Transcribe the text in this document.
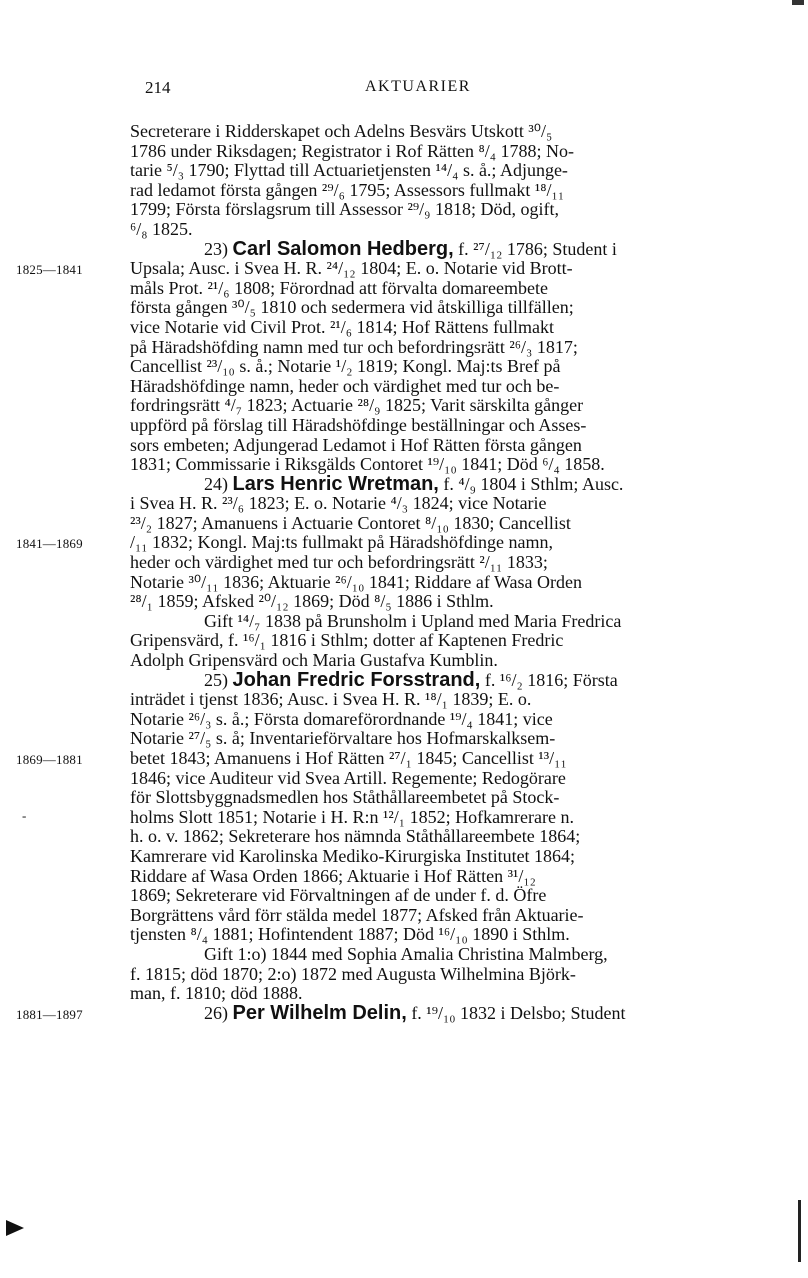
214	AKTUARIER
1825—1841
1841—1869
1869—1881
1881—1897
-
Secreterare i Ridderskapet och Adelns Besvärs Utskott ³⁰/₅
1786 under Riksdagen; Registrator i Rof Rätten ⁸/₄ 1788; No-
tarie ⁵/₃ 1790; Flyttad till Actuarietjensten ¹⁴/₄ s. å.; Adjunge-
rad ledamot första gången ²⁹/₆ 1795; Assessors fullmakt ¹⁸/₁₁
1799; Första förslagsrum till Assessor ²⁹/₉ 1818; Död, ogift,
⁶/₈ 1825.
23) Carl Salomon Hedberg, f. ²⁷/₁₂ 1786; Student i
Upsala; Ausc. i Svea H. R. ²⁴/₁₂ 1804; E. o. Notarie vid Brott-
måls Prot. ²¹/₆ 1808; Förordnad att förvalta domareembete
första gången ³⁰/₅ 1810 och sedermera vid åtskilliga tillfällen;
vice Notarie vid Civil Prot. ²¹/₆ 1814; Hof Rättens fullmakt
på Häradshöfding namn med tur och befordringsrätt ²⁶/₃ 1817;
Cancellist ²³/₁₀ s. å.; Notarie ¹/₂ 1819; Kongl. Maj:ts Bref på
Häradshöfdinge namn, heder och värdighet med tur och be-
fordringsrätt ⁴/₇ 1823; Actuarie ²⁸/₉ 1825; Varit särskilta gånger
uppförd på förslag till Häradshöfdinge beställningar och Asses-
sors embeten; Adjungerad Ledamot i Hof Rätten första gången
1831; Commissarie i Riksgälds Contoret ¹⁹/₁₀ 1841; Död ⁶/₄ 1858.
24) Lars Henric Wretman, f. ⁴/₉ 1804 i Sthlm; Ausc.
i Svea H. R. ²³/₆ 1823; E. o. Notarie ⁴/₃ 1824; vice Notarie
²³/₂ 1827; Amanuens i Actuarie Contoret ⁸/₁₀ 1830; Cancellist
/₁₁ 1832; Kongl. Maj:ts fullmakt på Häradshöfdinge namn,
heder och värdighet med tur och befordringsrätt ²/₁₁ 1833;
Notarie ³⁰/₁₁ 1836; Aktuarie ²⁶/₁₀ 1841; Riddare af Wasa Orden
²⁸/₁ 1859; Afsked ²⁰/₁₂ 1869; Död ⁸/₅ 1886 i Sthlm.
Gift ¹⁴/₇ 1838 på Brunsholm i Upland med Maria Fredrica
Gripensvärd, f. ¹⁶/₁ 1816 i Sthlm; dotter af Kaptenen Fredric
Adolph Gripensvärd och Maria Gustafva Kumblin.
25) Johan Fredric Forsstrand, f. ¹⁶/₂ 1816; Första
inträdet i tjenst 1836; Ausc. i Svea H. R. ¹⁸/₁ 1839; E. o.
Notarie ²⁶/₃ s. å.; Första domareförordnande ¹⁹/₄ 1841; vice
Notarie ²⁷/₅ s. å; Inventarieförvaltare hos Hofmarskalksem-
betet 1843; Amanuens i Hof Rätten ²⁷/₁ 1845; Cancellist ¹³/₁₁
1846; vice Auditeur vid Svea Artill. Regemente; Redogörare
för Slottsbyggnadsmedlen hos Ståthållareembetet på Stock-
holms Slott 1851; Notarie i H. R:n ¹²/₁ 1852; Hofkamrerare n.
h. o. v. 1862; Sekreterare hos nämnda Ståthållareembete 1864;
Kamrerare vid Karolinska Mediko-Kirurgiska Institutet 1864;
Riddare af Wasa Orden 1866; Aktuarie i Hof Rätten ³¹/₁₂
1869; Sekreterare vid Förvaltningen af de under f. d. Öfre
Borgrättens vård förr stälda medel 1877; Afsked från Aktuarie-
tjensten ⁸/₄ 1881; Hofintendent 1887; Död ¹⁶/₁₀ 1890 i Sthlm.
Gift 1:o) 1844 med Sophia Amalia Christina Malmberg,
f. 1815; död 1870; 2:o) 1872 med Augusta Wilhelmina Björk-
man, f. 1810; död 1888.
26) Per Wilhelm Delin, f. ¹⁹/₁₀ 1832 i Delsbo; Student
